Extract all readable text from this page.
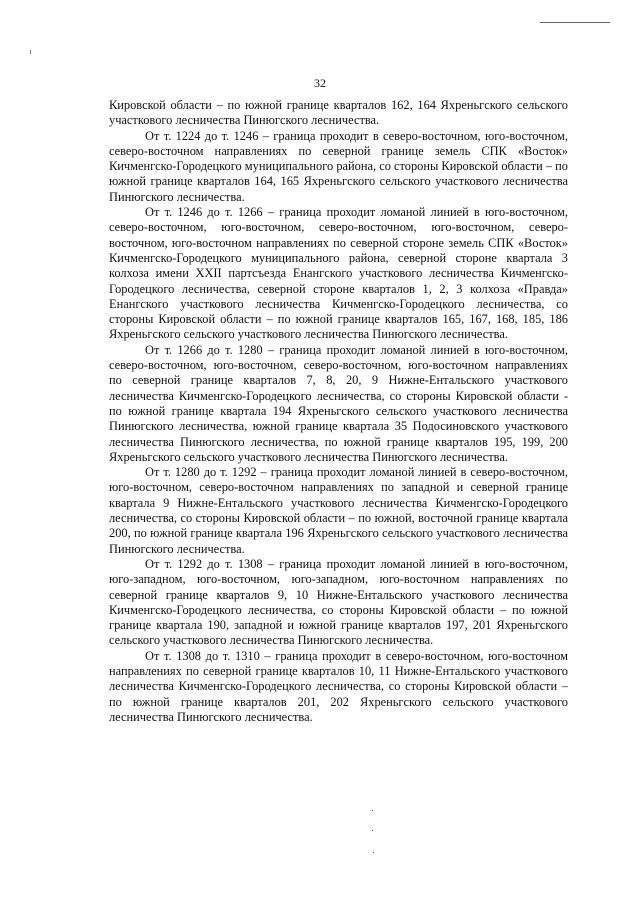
32

Кировской области – по южной границе кварталов 162, 164 Яхреньгского сельского участкового лесничества Пинюгского лесничества.

От т. 1224 до т. 1246 – граница проходит в северо-восточном, юго-восточном, северо-восточном направлениях по северной границе земель СПК «Восток» Кичменгско-Городецкого муниципального района, со стороны Кировской области – по южной границе кварталов 164, 165 Яхреньгского сельского участкового лесничества Пинюгского лесничества.

От т. 1246 до т. 1266 – граница проходит ломаной линией в юго-восточном, северо-восточном, юго-восточном, северо-восточном, юго-восточном, северо-восточном, юго-восточном направлениях по северной стороне земель СПК «Восток» Кичменгско-Городецкого муниципального района, северной стороне квартала 3 колхоза имени XXII партсъезда Енангского участкового лесничества Кичменгско-Городецкого лесничества, северной стороне кварталов 1, 2, 3 колхоза «Правда» Енангского участкового лесничества Кичменгско-Городецкого лесничества, со стороны Кировской области – по южной границе кварталов 165, 167, 168, 185, 186 Яхреньгского сельского участкового лесничества Пинюгского лесничества.

От т. 1266 до т. 1280 – граница проходит ломаной линией в юго-восточном, северо-восточном, юго-восточном, северо-восточном, юго-восточном направлениях по северной границе кварталов 7, 8, 20, 9 Нижне-Ентальского участкового лесничества Кичменгско-Городецкого лесничества, со стороны Кировской области - по южной границе квартала 194 Яхреньгского сельского участкового лесничества Пинюгского лесничества, южной границе квартала 35 Подосиновского участкового лесничества Пинюгского лесничества, по южной границе кварталов 195, 199, 200 Яхреньгского сельского участкового лесничества Пинюгского лесничества.

От т. 1280 до т. 1292 – граница проходит ломаной линией в северо-восточном, юго-восточном, северо-восточном направлениях по западной и северной границе квартала 9 Нижне-Ентальского участкового лесничества Кичменгско-Городецкого лесничества, со стороны Кировской области – по южной, восточной границе квартала 200, по южной границе квартала 196 Яхреньгского сельского участкового лесничества Пинюгского лесничества.

От т. 1292 до т. 1308 – граница проходит ломаной линией в юго-восточном, юго-западном, юго-восточном, юго-западном, юго-восточном направлениях по северной границе кварталов 9, 10 Нижне-Ентальского участкового лесничества Кичменгско-Городецкого лесничества, со стороны Кировской области – по южной границе квартала 190, западной и южной границе кварталов 197, 201 Яхреньгского сельского участкового лесничества Пинюгского лесничества.

От т. 1308 до т. 1310 – граница проходит в северо-восточном, юго-восточном направлениях по северной границе кварталов 10, 11 Нижне-Ентальского участкового лесничества Кичменгско-Городецкого лесничества, со стороны Кировской области – по южной границе кварталов 201, 202 Яхреньгского сельского участкового лесничества Пинюгского лесничества.
